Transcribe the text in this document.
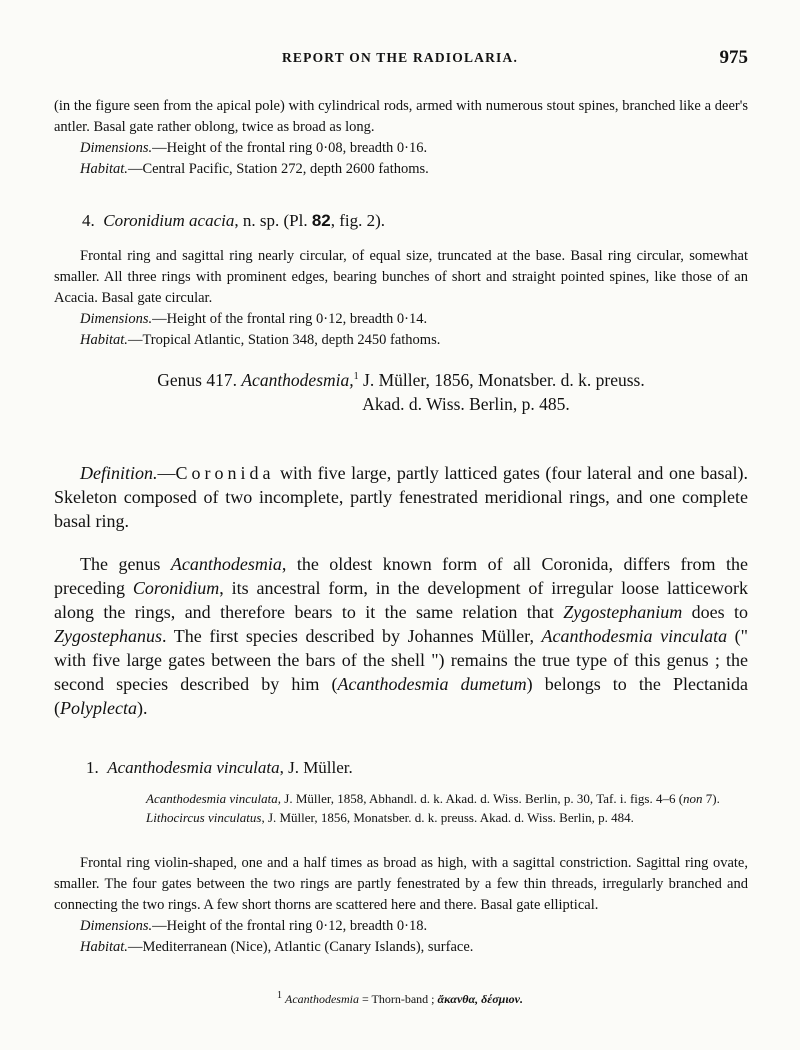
REPORT ON THE RADIOLARIA.	975

(in the figure seen from the apical pole) with cylindrical rods, armed with numerous stout spines, branched like a deer's antler. Basal gate rather oblong, twice as broad as long.

Dimensions.—Height of the frontal ring 0·08, breadth 0·16.

Habitat.—Central Pacific, Station 272, depth 2600 fathoms.

4. Coronidium acacia, n. sp. (Pl. 82, fig. 2).

Frontal ring and sagittal ring nearly circular, of equal size, truncated at the base. Basal ring circular, somewhat smaller. All three rings with prominent edges, bearing bunches of short and straight pointed spines, like those of an Acacia. Basal gate circular.

Dimensions.—Height of the frontal ring 0·12, breadth 0·14.

Habitat.—Tropical Atlantic, Station 348, depth 2450 fathoms.

Genus 417. Acanthodesmia,$^1$ J. Müller, 1856, Monatsber. d. k. preuss.
Akad. d. Wiss. Berlin, p. 485.

Definition.—Coronida with five large, partly latticed gates (four lateral and one basal). Skeleton composed of two incomplete, partly fenestrated meridional rings, and one complete basal ring.

The genus Acanthodesmia, the oldest known form of all Coronida, differs from the preceding Coronidium, its ancestral form, in the development of irregular loose latticework along the rings, and therefore bears to it the same relation that Zygostephanium does to Zygostephanus. The first species described by Johannes Müller, Acanthodesmia vinculata (" with five large gates between the bars of the shell ") remains the true type of this genus ; the second species described by him (Acanthodesmia dumetum) belongs to the Plectanida (Polyplecta).

1. Acanthodesmia vinculata, J. Müller.

Acanthodesmia vinculata, J. Müller, 1858, Abhandl. d. k. Akad. d. Wiss. Berlin, p. 30, Taf. i. figs. 4–6 (non 7).

Lithocircus vinculatus, J. Müller, 1856, Monatsber. d. k. preuss. Akad. d. Wiss. Berlin, p. 484.

Frontal ring violin-shaped, one and a half times as broad as high, with a sagittal constriction. Sagittal ring ovate, smaller. The four gates between the two rings are partly fenestrated by a few thin threads, irregularly branched and connecting the two rings. A few short thorns are scattered here and there. Basal gate elliptical.

Dimensions.—Height of the frontal ring 0·12, breadth 0·18.

Habitat.—Mediterranean (Nice), Atlantic (Canary Islands), surface.

$^1$ Acanthodesmia = Thorn-band ; ἄκανθα, δέσμιον.
